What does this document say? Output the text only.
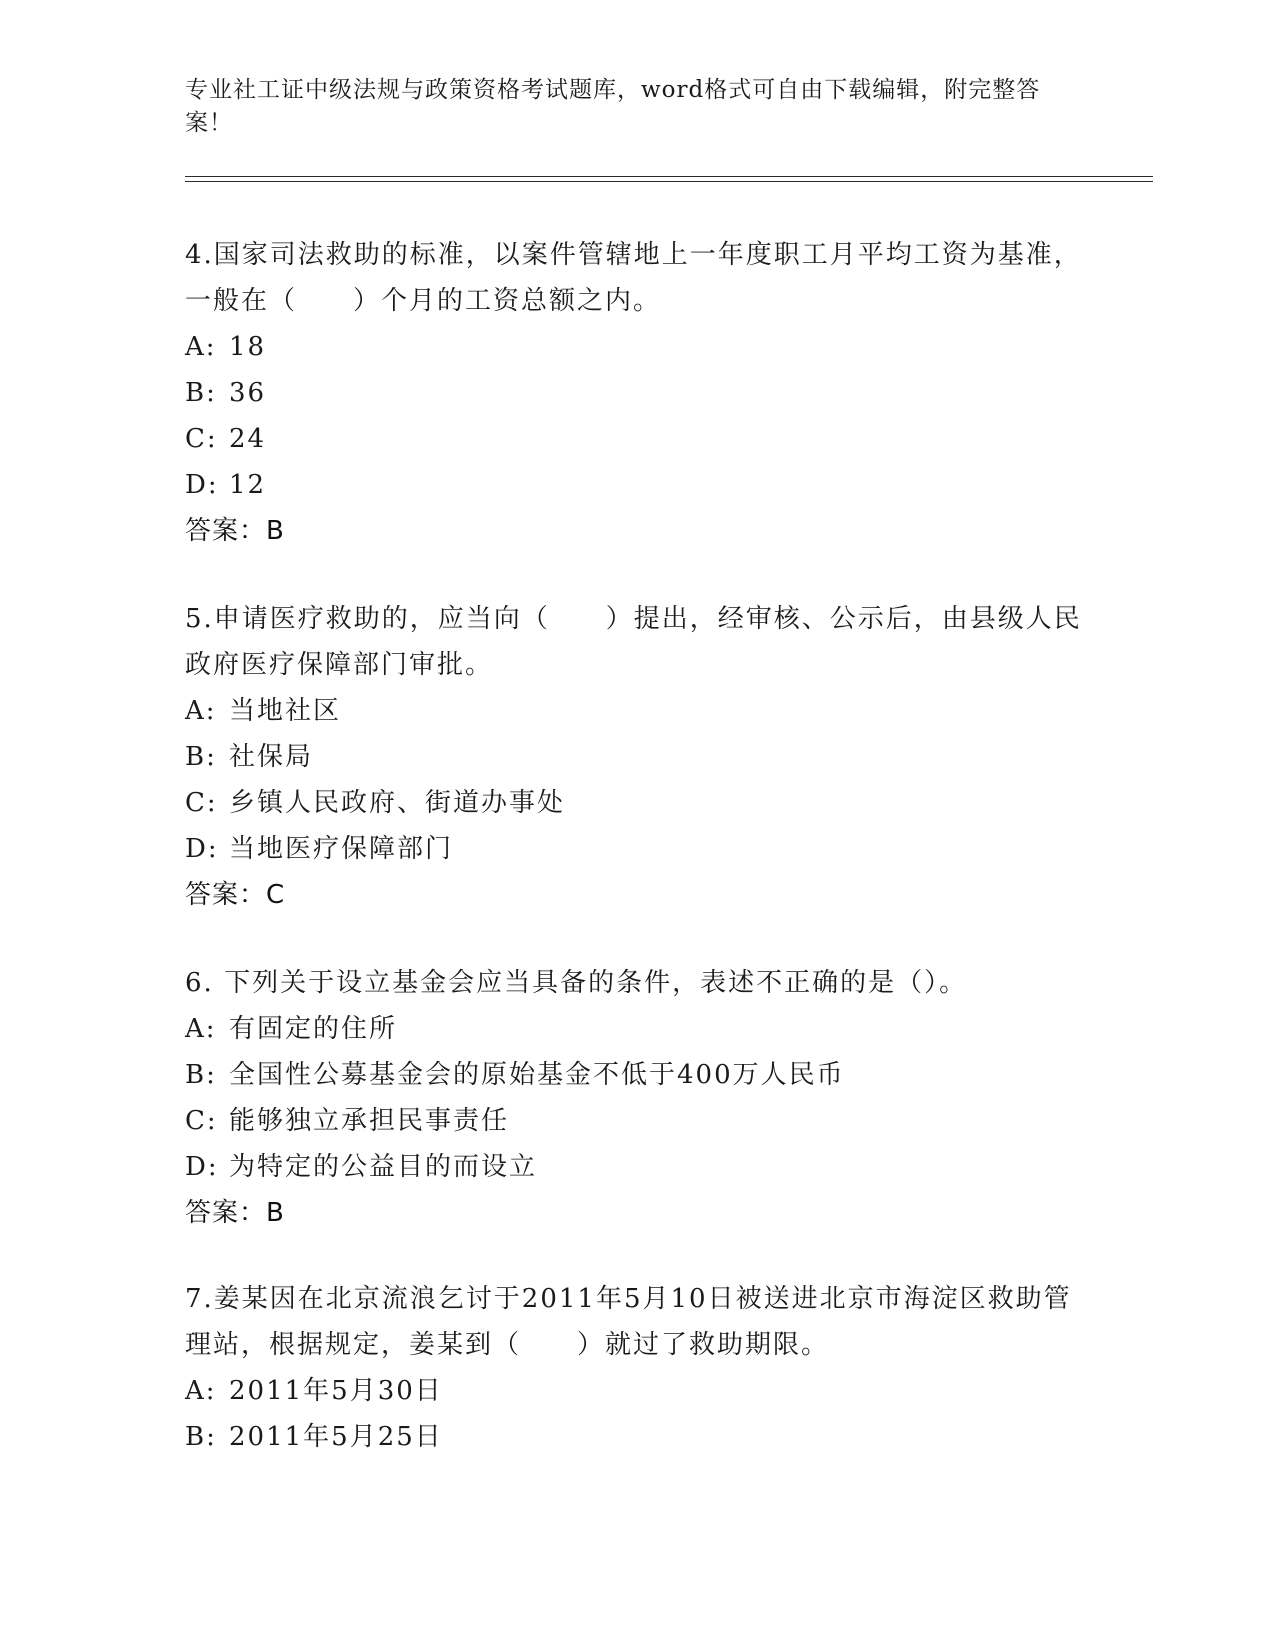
专业社工证中级法规与政策资格考试题库，word格式可自由下载编辑，附完整答案！
4.国家司法救助的标准，以案件管辖地上一年度职工月平均工资为基准，一般在（　　）个月的工资总额之内。
A: 18
B: 36
C: 24
D: 12
答案：B
5.申请医疗救助的，应当向（　　）提出，经审核、公示后，由县级人民政府医疗保障部门审批。
A: 当地社区
B: 社保局
C: 乡镇人民政府、街道办事处
D: 当地医疗保障部门
答案：C
6. 下列关于设立基金会应当具备的条件，表述不正确的是（）。
A: 有固定的住所
B: 全国性公募基金会的原始基金不低于400万人民币
C: 能够独立承担民事责任
D: 为特定的公益目的而设立
答案：B
7.姜某因在北京流浪乞讨于2011年5月10日被送进北京市海淀区救助管理站，根据规定，姜某到（　　）就过了救助期限。
A: 2011年5月30日
B: 2011年5月25日
